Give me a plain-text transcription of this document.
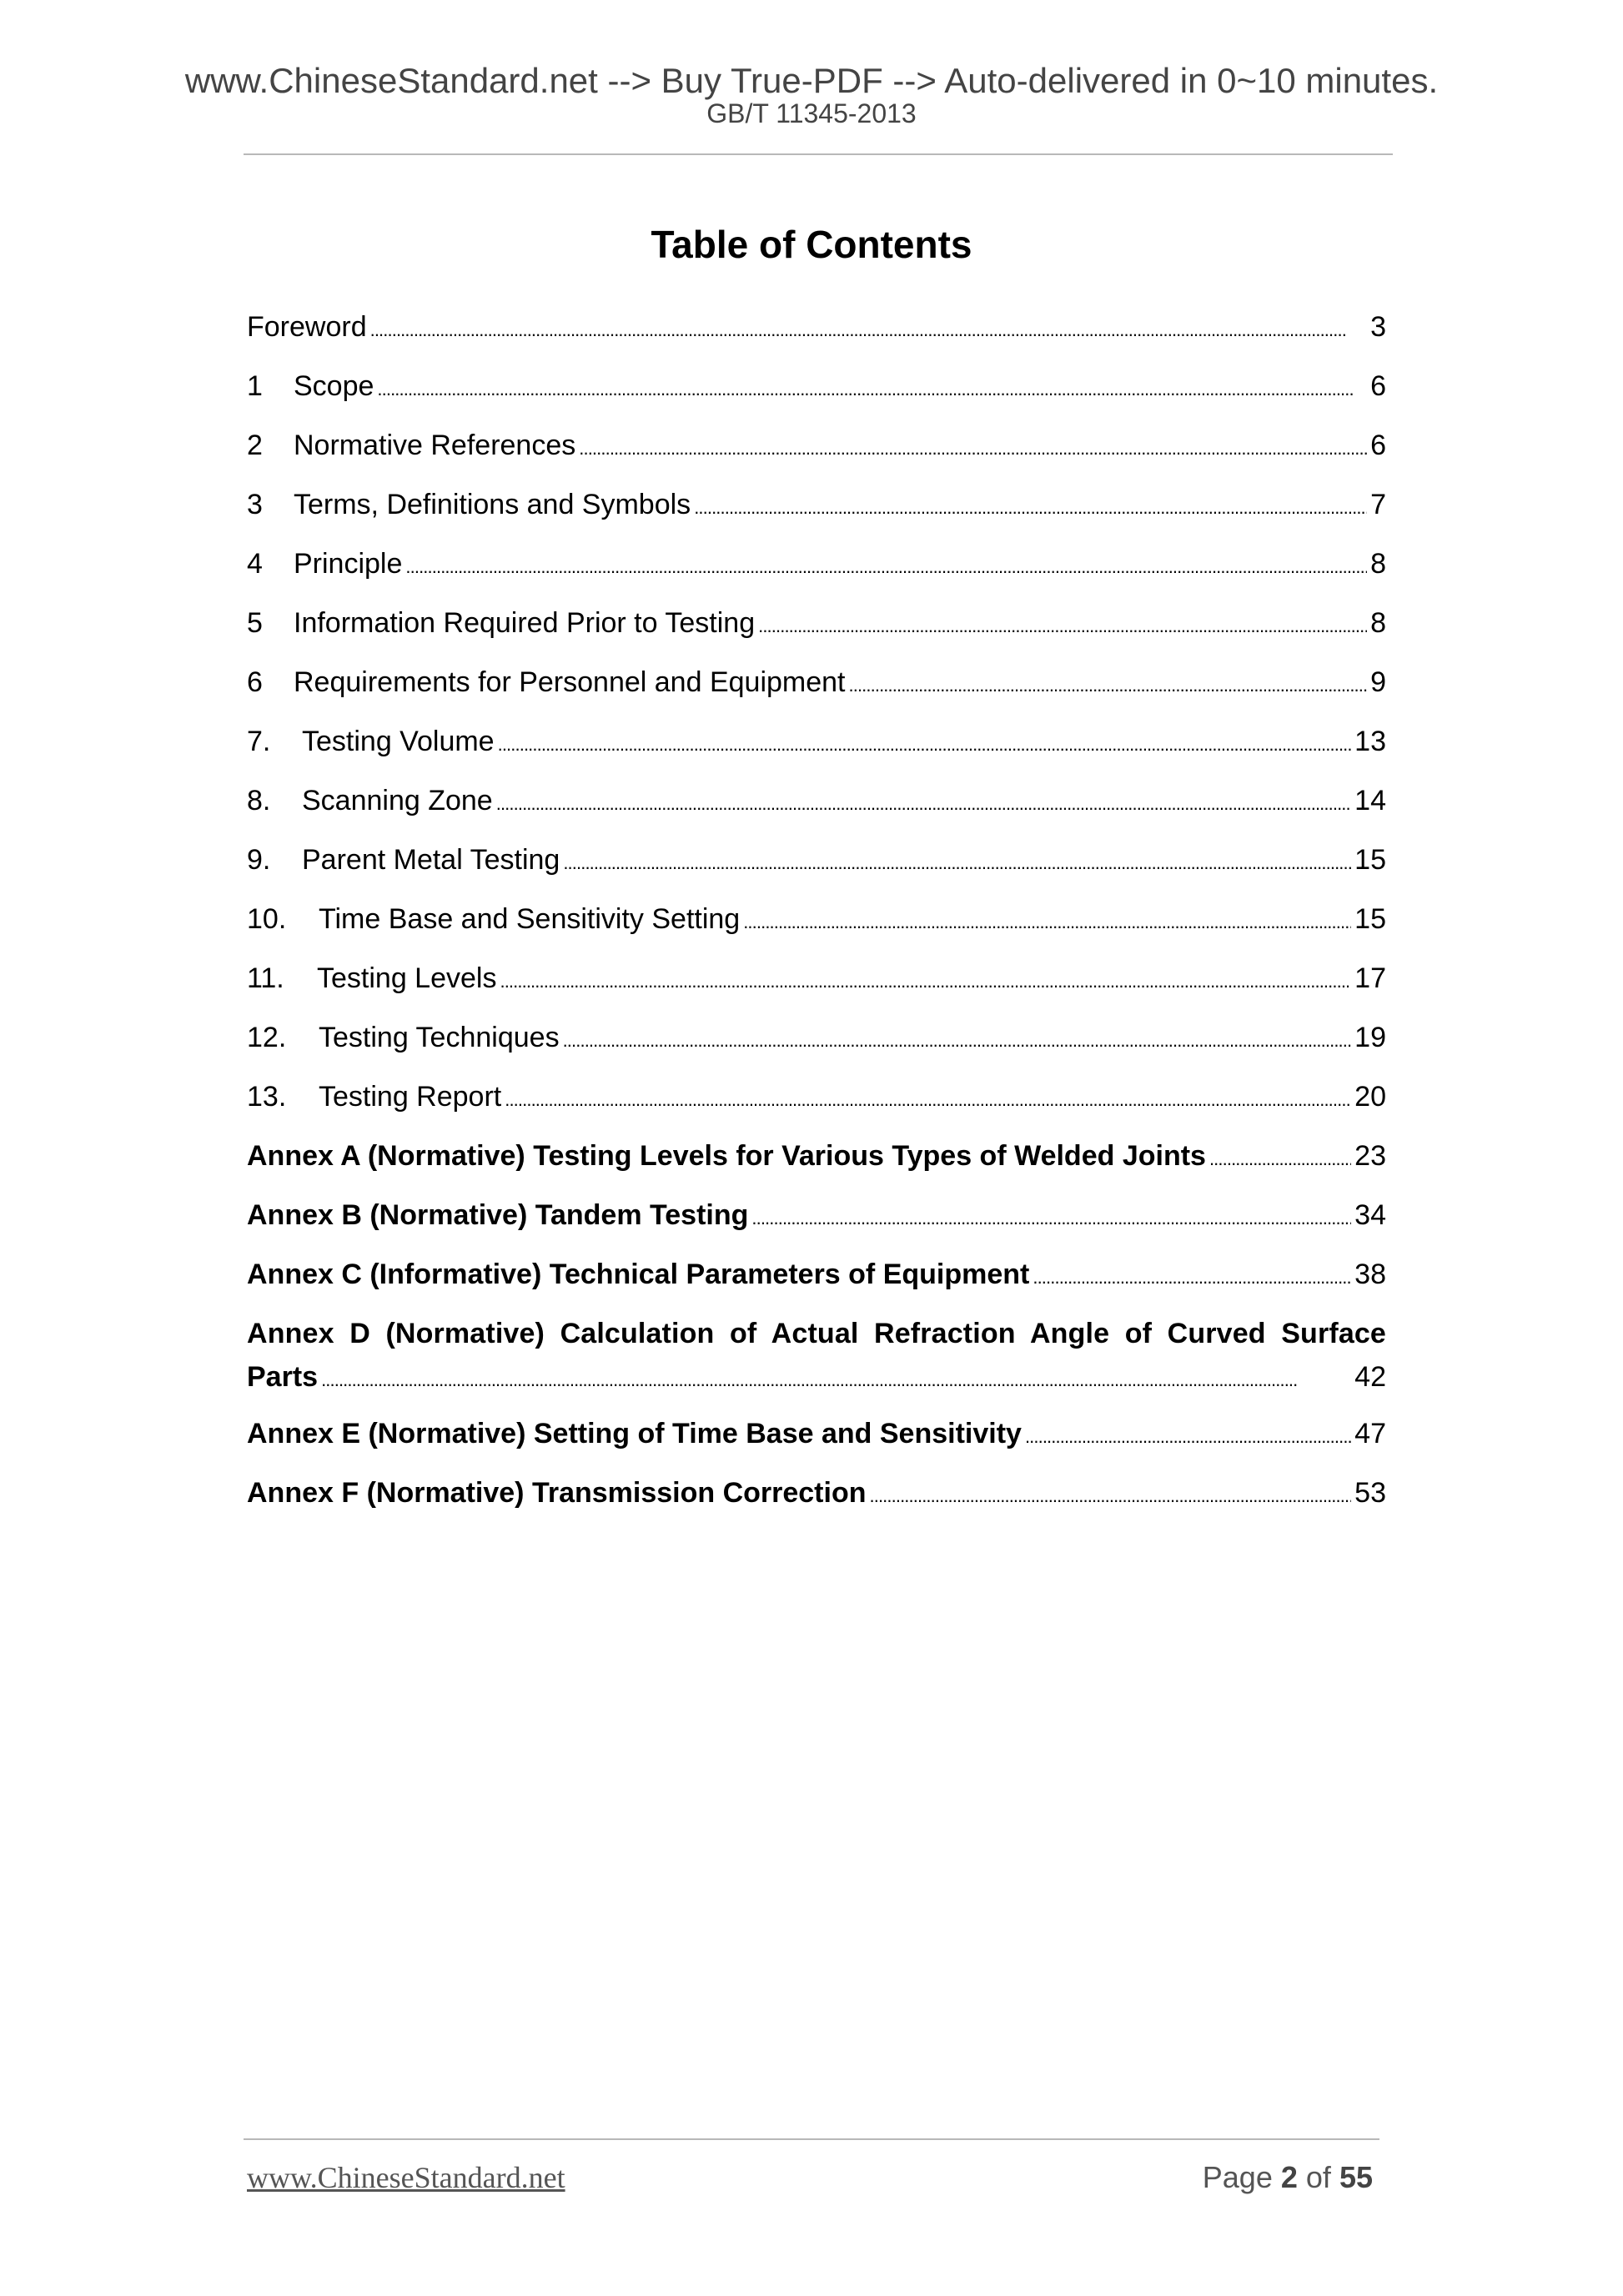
www.ChineseStandard.net --> Buy True-PDF --> Auto-delivered in 0~10 minutes.
GB/T 11345-2013
Table of Contents
Foreword . . .	3
1	Scope . . .	6
2	Normative References . . .	6
3	Terms, Definitions and Symbols . . .	7
4	Principle . . .	8
5	Information Required Prior to Testing . . .	8
6	Requirements for Personnel and Equipment . . .	9
7.	Testing Volume . . .	13
8.	Scanning Zone . . .	14
9.	Parent Metal Testing . . .	15
10.	Time Base and Sensitivity Setting . . .	15
11.	Testing Levels . . .	17
12.	Testing Techniques . . .	19
13.	Testing Report . . .	20
Annex A (Normative) Testing Levels for Various Types of Welded Joints . . .	23
Annex B (Normative) Tandem Testing . . .	34
Annex C (Informative) Technical Parameters of Equipment . . .	38
Annex D (Normative) Calculation of Actual Refraction Angle of Curved Surface
Parts . . .	42
Annex E (Normative) Setting of Time Base and Sensitivity . . .	47
Annex F (Normative) Transmission Correction . . .	53
www.ChineseStandard.net	Page 2 of 55
